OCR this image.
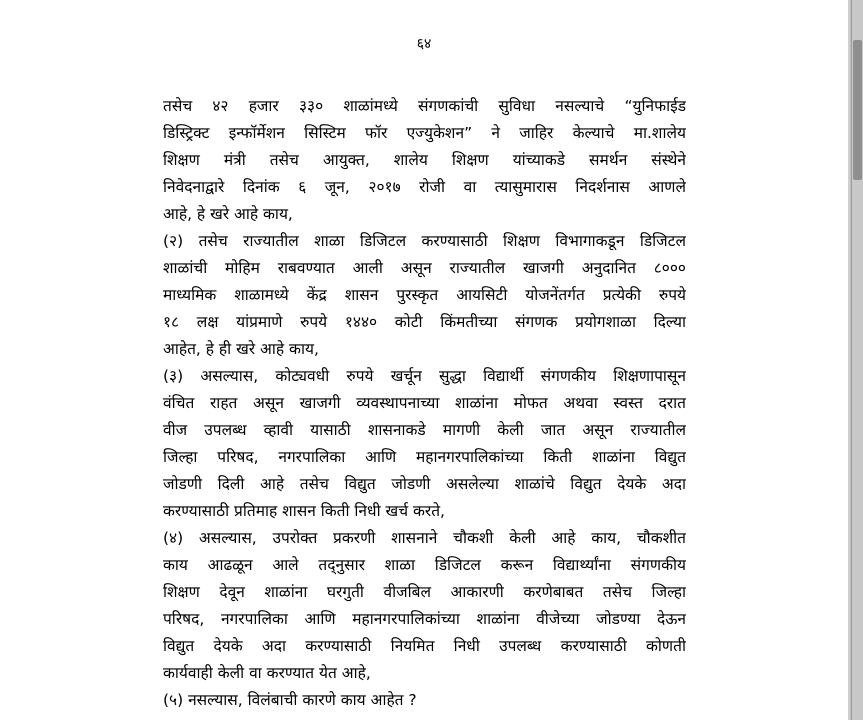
६४
तसेच ४२ हजार ३३० शाळांमध्ये संगणकांची सुविधा नसल्याचे “युनिफाईड
डिस्ट्रिक्ट इन्फॉर्मेशन सिस्टिम फॉर एज्युकेशन” ने जाहिर केल्याचे मा.शालेय
शिक्षण मंत्री तसेच आयुक्त, शालेय शिक्षण यांच्याकडे समर्थन संस्थेने
निवेदनाद्वारे दिनांक ६ जून, २०१७ रोजी वा त्यासुमारास निदर्शनास आणले
आहे, हे खरे आहे काय,
(२) तसेच राज्यातील शाळा डिजिटल करण्यासाठी शिक्षण विभागाकडून डिजिटल
शाळांची मोहिम राबवण्यात आली असून राज्यातील खाजगी अनुदानित ८०००
माध्यमिक शाळामध्ये केंद्र शासन पुरस्कृत आयसिटी योजनेंतर्गत प्रत्येकी रुपये
१८ लक्ष यांप्रमाणे रुपये १४४० कोटी किंमतीच्या संगणक प्रयोगशाळा दिल्या
आहेत, हे ही खरे आहे काय,
(३) असल्यास, कोट्यवधी रुपये खर्चून सुद्धा विद्यार्थी संगणकीय शिक्षणापासून
वंचित राहत असून खाजगी व्यवस्थापनाच्या शाळांना मोफत अथवा स्वस्त दरात
वीज उपलब्ध व्हावी यासाठी शासनाकडे मागणी केली जात असून राज्यातील
जिल्हा परिषद, नगरपालिका आणि महानगरपालिकांच्या किती शाळांना विद्युत
जोडणी दिली आहे तसेच विद्युत जोडणी असलेल्या शाळांचे विद्युत देयके अदा
करण्यासाठी प्रतिमाह शासन किती निधी खर्च करते,
(४) असल्यास, उपरोक्त प्रकरणी शासनाने चौकशी केली आहे काय, चौकशीत
काय आढळून आले तद्नुसार शाळा डिजिटल करून विद्यार्थ्यांना संगणकीय
शिक्षण देवून शाळांना घरगुती वीजबिल आकारणी करणेबाबत तसेच जिल्हा
परिषद, नगरपालिका आणि महानगरपालिकांच्या शाळांना वीजेच्या जोडण्या देऊन
विद्युत देयके अदा करण्यासाठी नियमित निधी उपलब्ध करण्यासाठी कोणती
कार्यवाही केली वा करण्यात येत आहे,
(५) नसल्यास, विलंबाची कारणे काय आहेत ?
